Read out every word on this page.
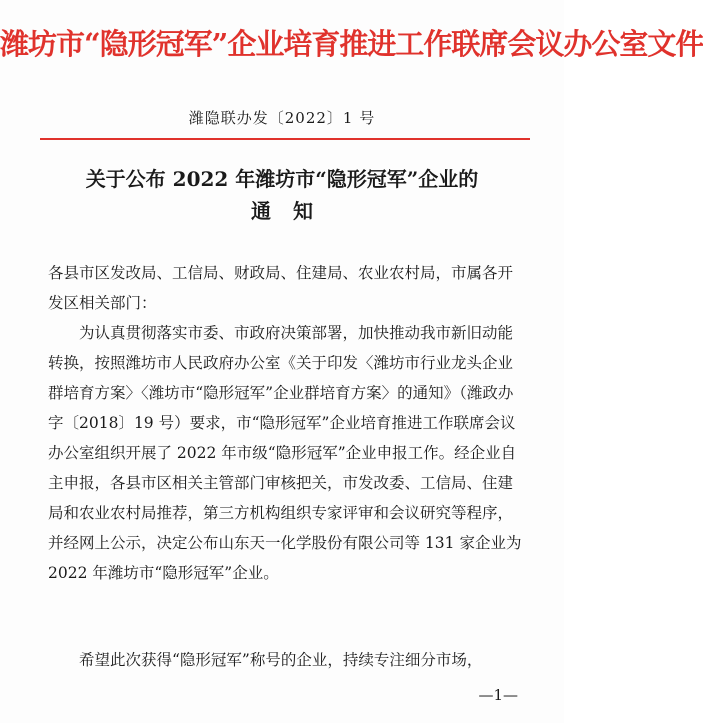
潍坊市“隐形冠军”企业培育推进工作联席会议办公室文件
潍隐联办发〔2022〕1 号
关于公布 2022 年潍坊市“隐形冠军”企业的
通知

各县市区发改局、工信局、财政局、住建局、农业农村局，市属各开发区相关部门：

为认真贯彻落实市委、市政府决策部署，加快推动我市新旧动能转换，按照潍坊市人民政府办公室《关于印发〈潍坊市行业龙头企业群培育方案〉〈潍坊市“隐形冠军”企业群培育方案〉的通知》（潍政办字〔2018〕19 号）要求，市“隐形冠军”企业培育推进工作联席会议办公室组织开展了 2022 年市级“隐形冠军”企业申报工作。经企业自主申报，各县市区相关主管部门审核把关，市发改委、工信局、住建局和农业农村局推荐，第三方机构组织专家评审和会议研究等程序，并经网上公示，决定公布山东天一化学股份有限公司等 131 家企业为 2022 年潍坊市“隐形冠军”企业。

希望此次获得“隐形冠军”称号的企业，持续专注细分市场，

—1—
